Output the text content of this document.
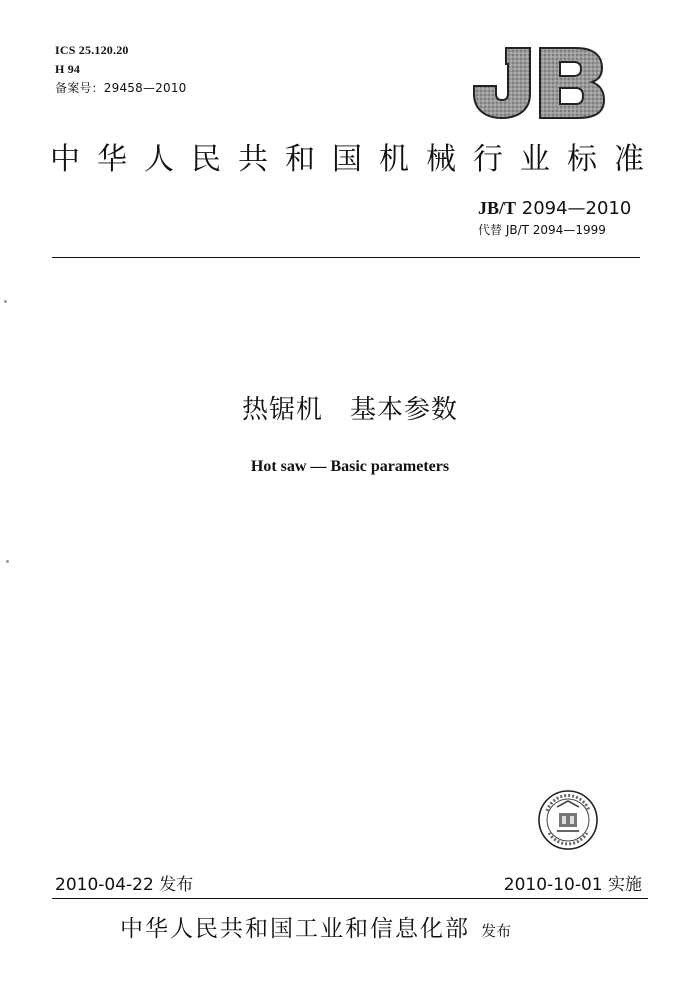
ICS 25.120.20
H 94
备案号：29458—2010
中华人民共和国机械行业标准
JB/T 2094—2010
代替 JB/T 2094—1999
热锯机　基本参数
Hot saw — Basic parameters
2010-04-22 发布	2010-10-01 实施
中华人民共和国工业和信息化部 发布
